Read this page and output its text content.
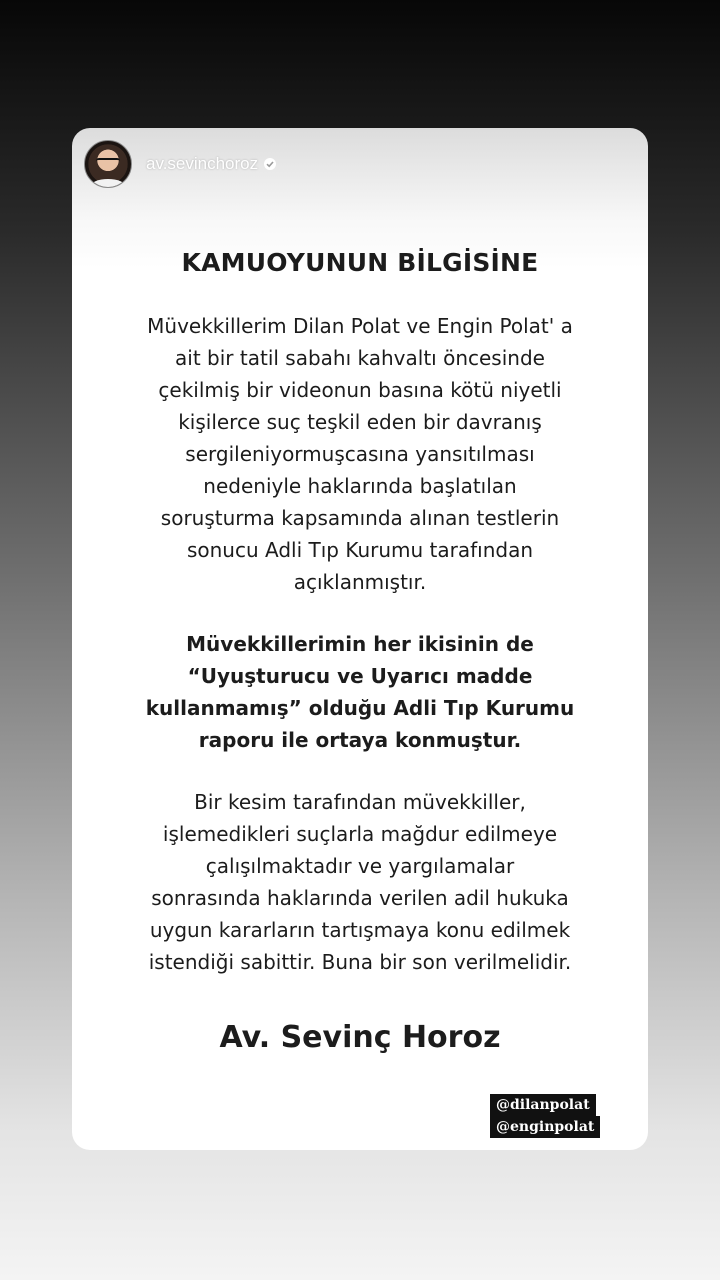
av.sevinchoroz

KAMUOYUNUN BİLGİSİNE

Müvekkillerim Dilan Polat ve Engin Polat' a
ait bir tatil sabahı kahvaltı öncesinde
çekilmiş bir videonun basına kötü niyetli
kişilerce suç teşkil eden bir davranış
sergileniyormuşcasına yansıtılması
nedeniyle haklarında başlatılan
soruşturma kapsamında alınan testlerin
sonucu Adli Tıp Kurumu tarafından
açıklanmıştır.
Müvekkillerimin her ikisinin de
“Uyuşturucu ve Uyarıcı madde
kullanmamış” olduğu Adli Tıp Kurumu
raporu ile ortaya konmuştur.
Bir kesim tarafından müvekkiller,
işlemedikleri suçlarla mağdur edilmeye
çalışılmaktadır ve yargılamalar
sonrasında haklarında verilen adil hukuka
uygun kararların tartışmaya konu edilmek
istendiği sabittir. Buna bir son verilmelidir.

Av. Sevinç Horoz

@dilanpolat
@enginpolat
